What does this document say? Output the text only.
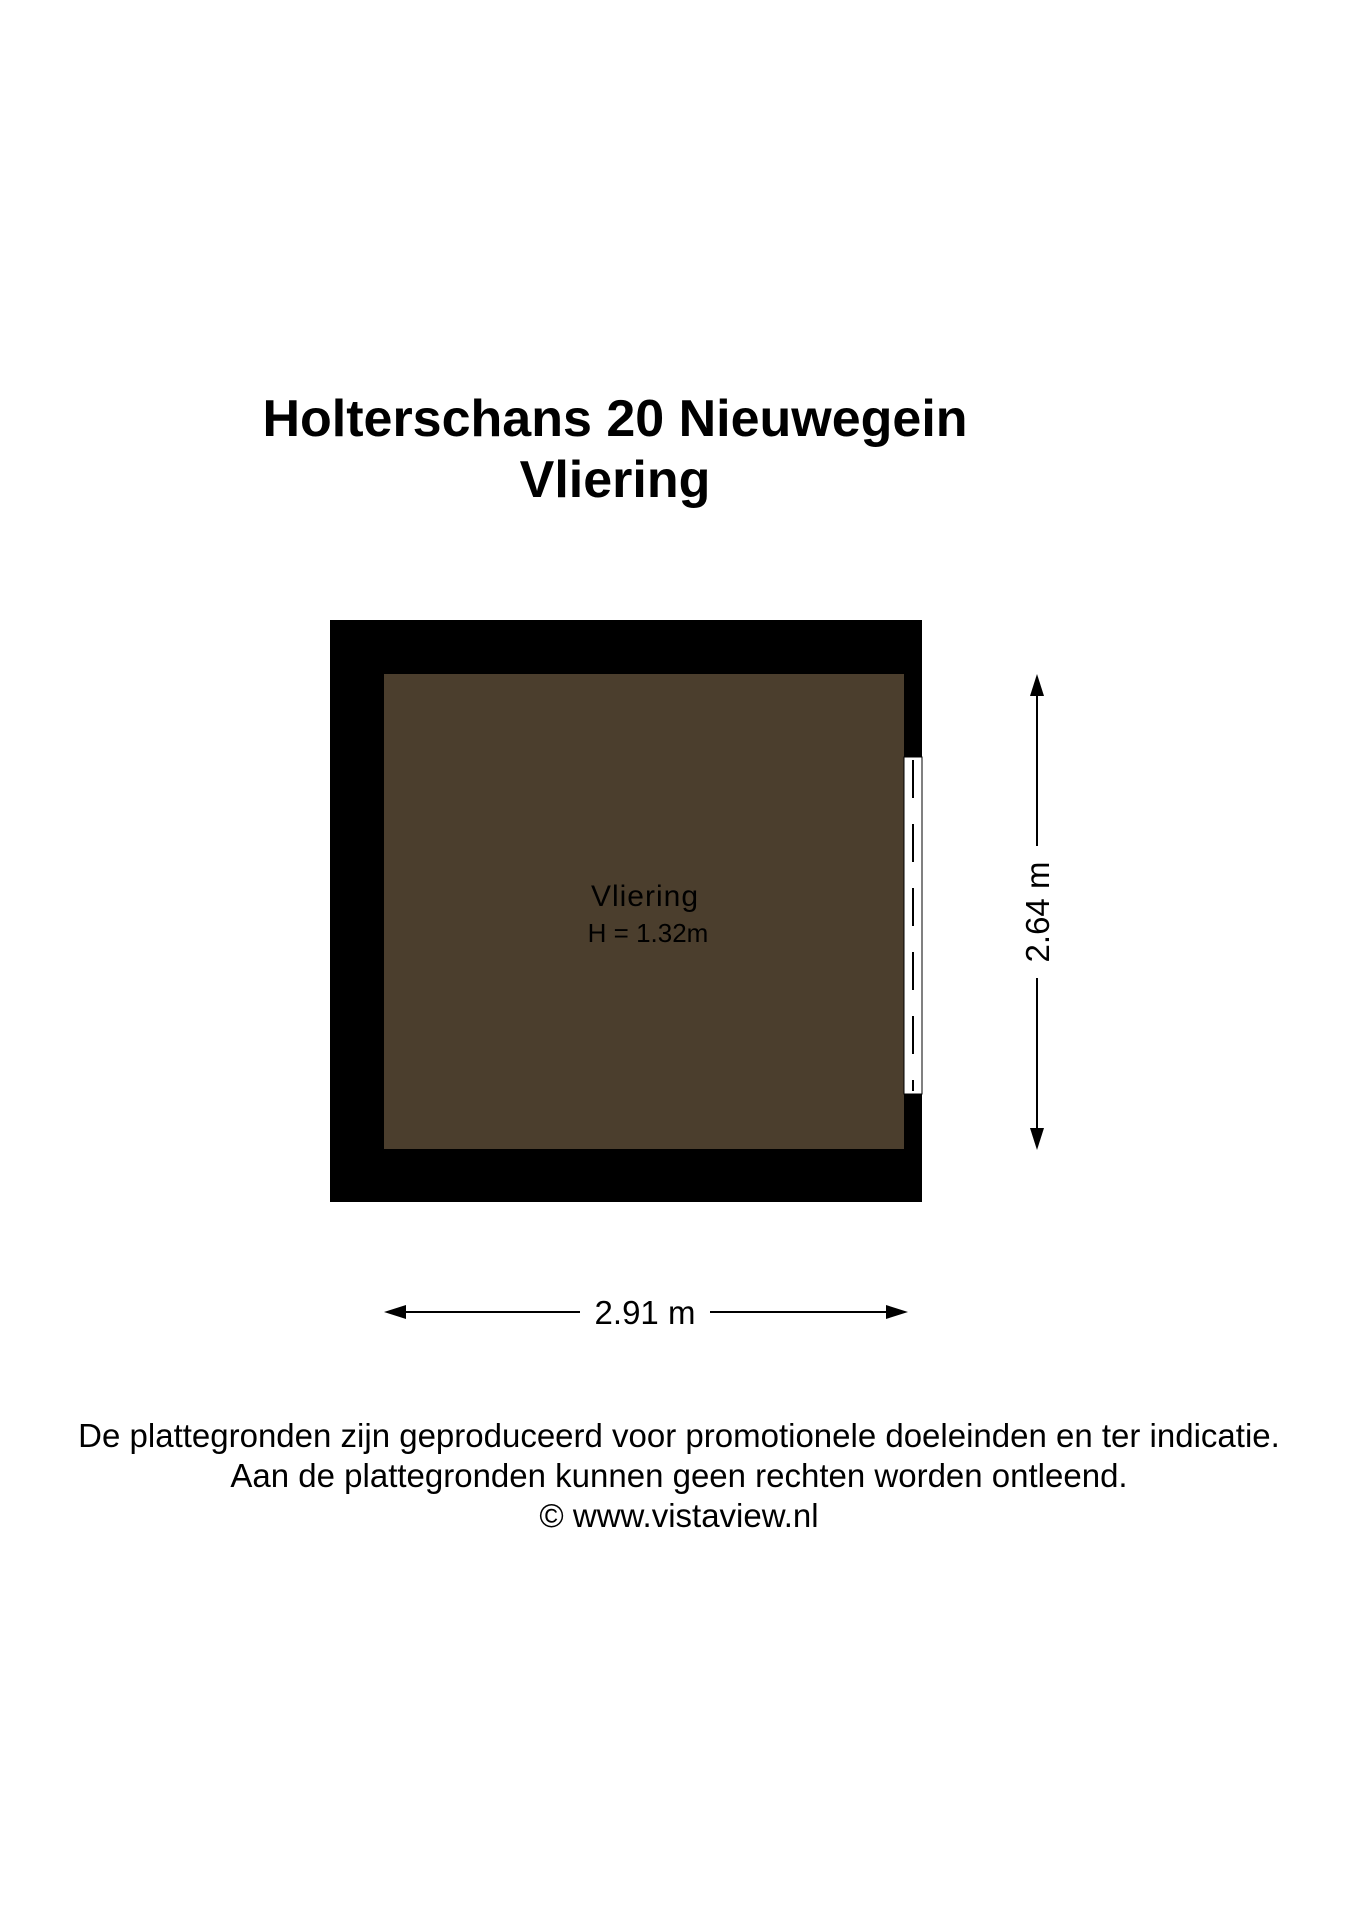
Holterschans 20 Nieuwegein
Vliering
Vliering
H = 1.32m
2.91 m
2.64 m
De plattegronden zijn geproduceerd voor promotionele doeleinden en ter indicatie.
Aan de plattegronden kunnen geen rechten worden ontleend.
© www.vistaview.nl
